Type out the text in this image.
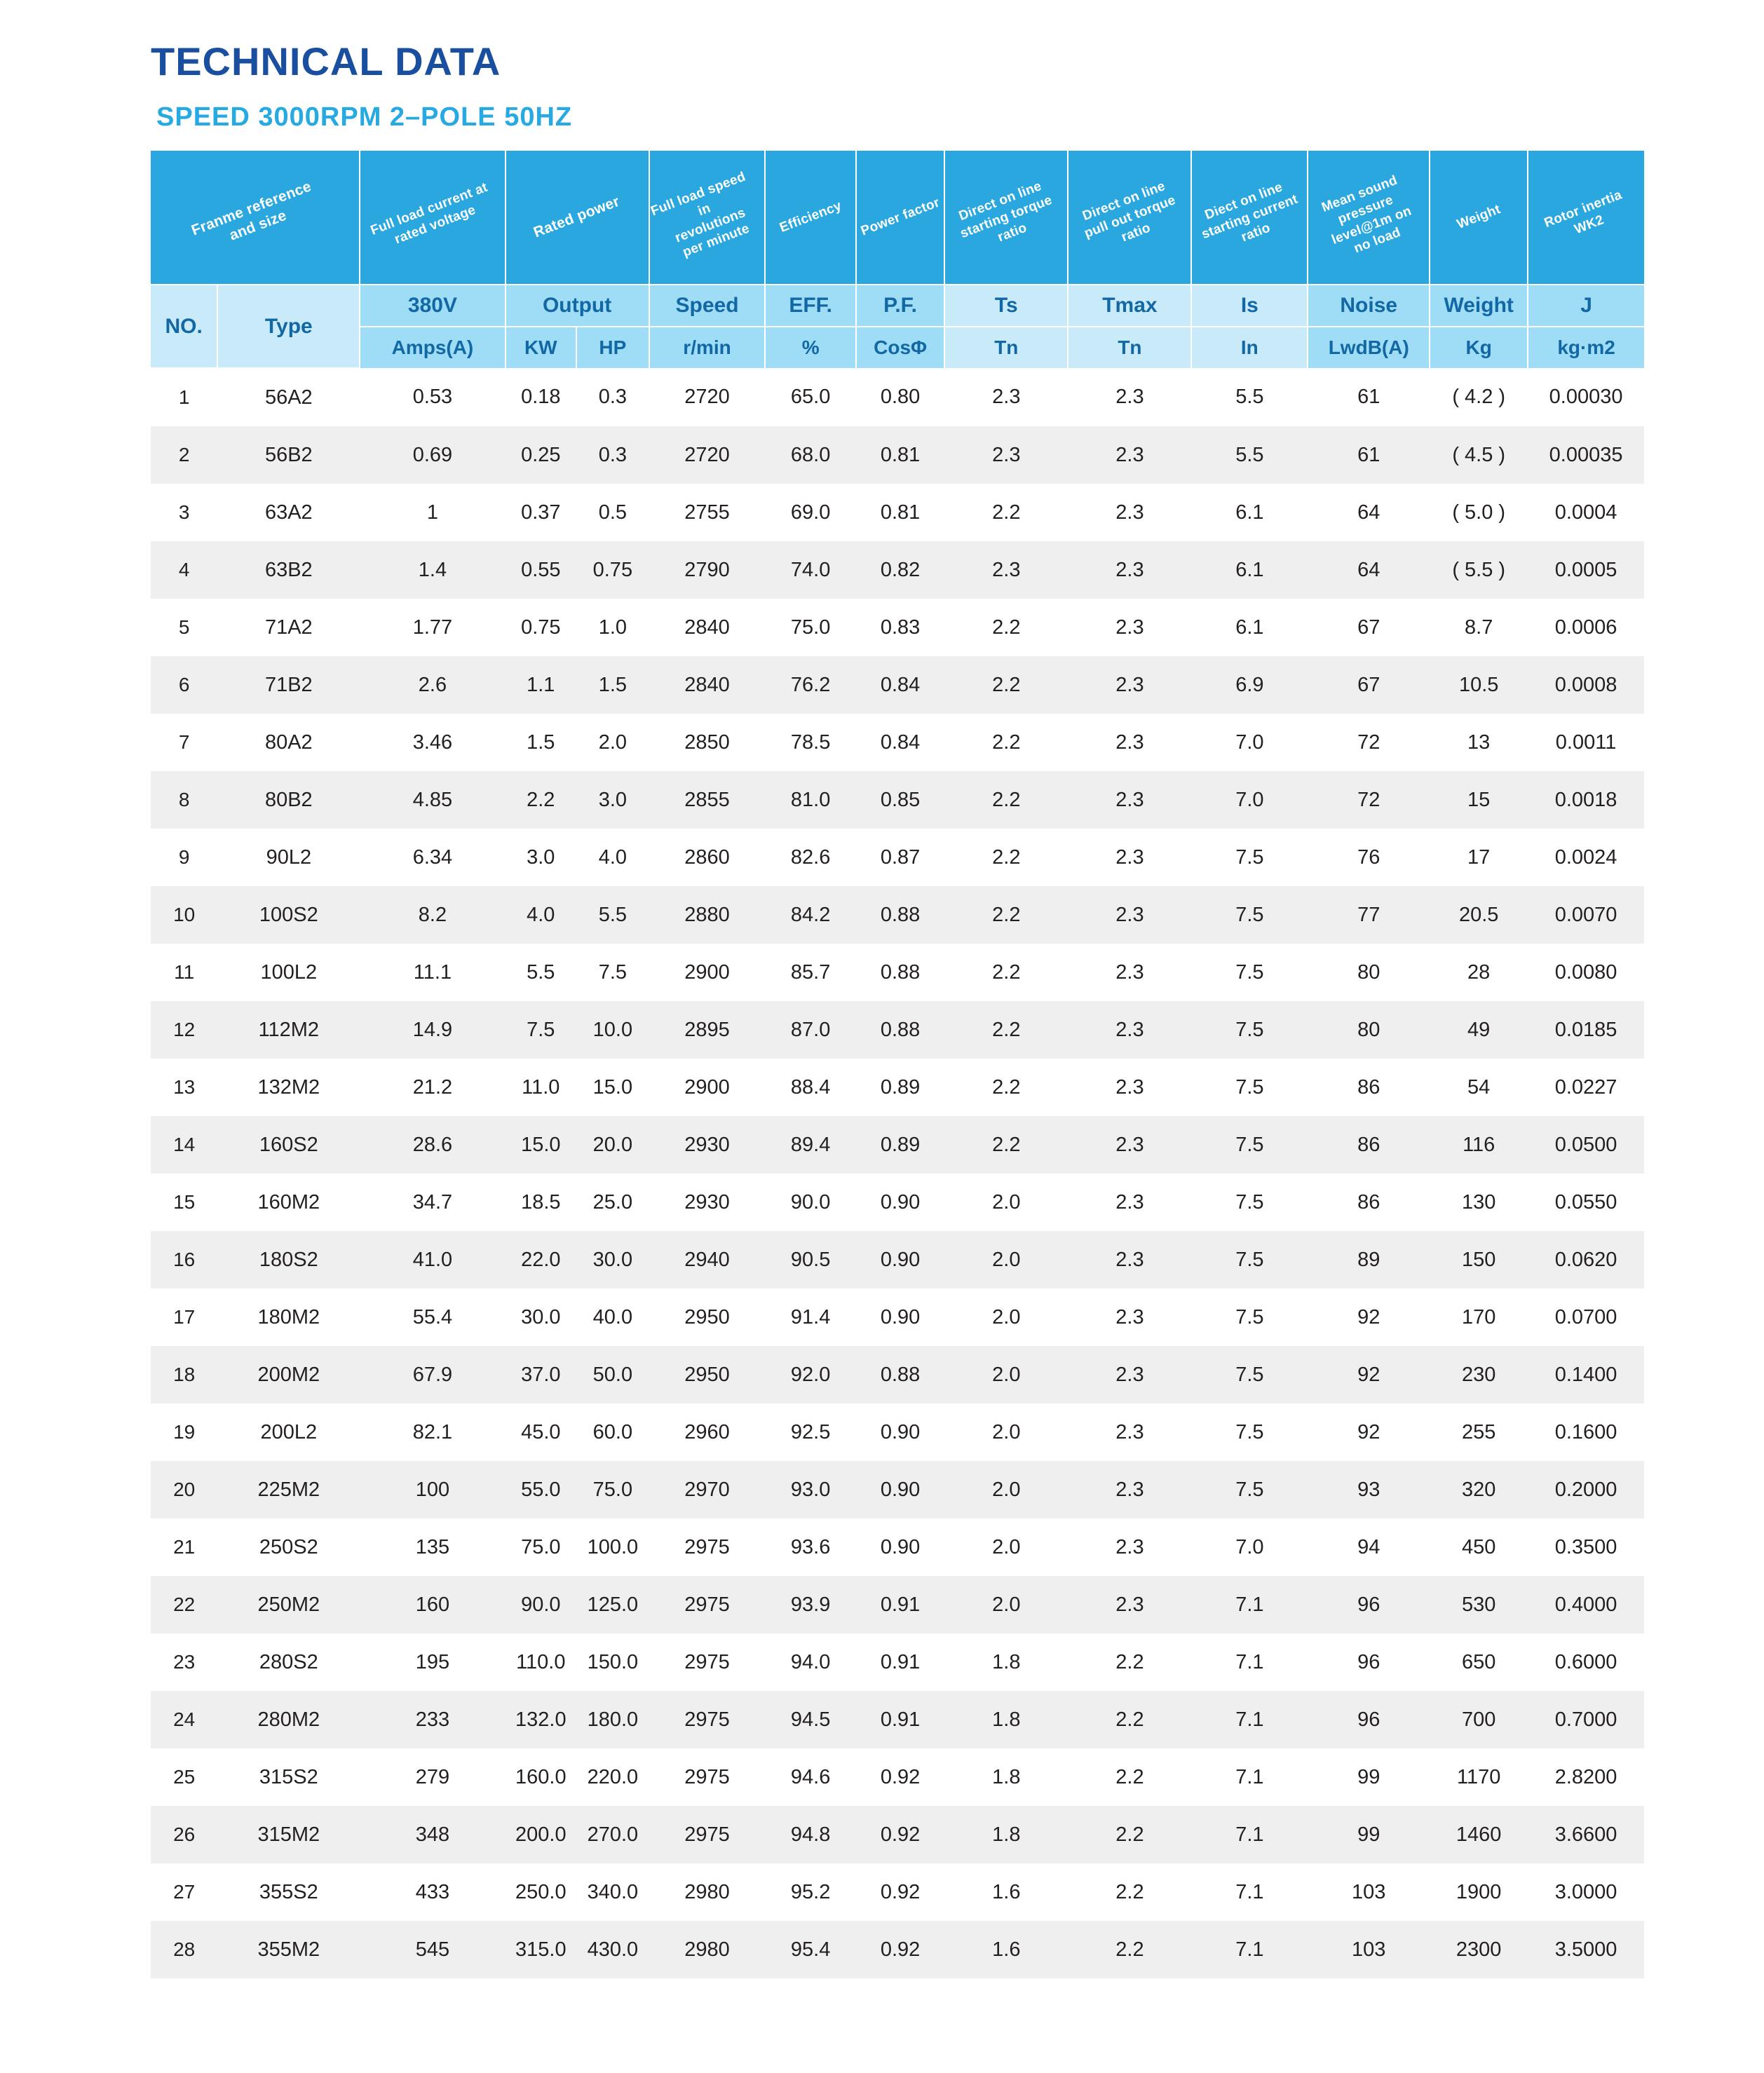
TECHNICAL DATA
SPEED 3000RPM 2–POLE 50HZ
Franme reference
and size		Full load current at
rated voltage	Rated power		Full load speed in
revolutions
per minute	Efficiency	Power factor	Direct on line
starting torque
ratio	Direct on line
pull out torque
ratio	Diect on line
starting current
ratio	Mean sound
pressure
level@1m on
no load	Weight	Rotor inertia WK2
NO.	Type	380V	Output		Speed	EFF.	P.F.	Ts	Tmax	Is	Noise	Weight	J
		Amps(A)	KW	HP	r/min	%	CosΦ	Tn	Tn	In	LwdB(A)	Kg	kg·m2
1	56A2	0.53	0.18	0.3	2720	65.0	0.80	2.3	2.3	5.5	61	( 4.2 )	0.00030
2	56B2	0.69	0.25	0.3	2720	68.0	0.81	2.3	2.3	5.5	61	( 4.5 )	0.00035
3	63A2	1	0.37	0.5	2755	69.0	0.81	2.2	2.3	6.1	64	( 5.0 )	0.0004
4	63B2	1.4	0.55	0.75	2790	74.0	0.82	2.3	2.3	6.1	64	( 5.5 )	0.0005
5	71A2	1.77	0.75	1.0	2840	75.0	0.83	2.2	2.3	6.1	67	8.7	0.0006
6	71B2	2.6	1.1	1.5	2840	76.2	0.84	2.2	2.3	6.9	67	10.5	0.0008
7	80A2	3.46	1.5	2.0	2850	78.5	0.84	2.2	2.3	7.0	72	13	0.0011
8	80B2	4.85	2.2	3.0	2855	81.0	0.85	2.2	2.3	7.0	72	15	0.0018
9	90L2	6.34	3.0	4.0	2860	82.6	0.87	2.2	2.3	7.5	76	17	0.0024
10	100S2	8.2	4.0	5.5	2880	84.2	0.88	2.2	2.3	7.5	77	20.5	0.0070
11	100L2	11.1	5.5	7.5	2900	85.7	0.88	2.2	2.3	7.5	80	28	0.0080
12	112M2	14.9	7.5	10.0	2895	87.0	0.88	2.2	2.3	7.5	80	49	0.0185
13	132M2	21.2	11.0	15.0	2900	88.4	0.89	2.2	2.3	7.5	86	54	0.0227
14	160S2	28.6	15.0	20.0	2930	89.4	0.89	2.2	2.3	7.5	86	116	0.0500
15	160M2	34.7	18.5	25.0	2930	90.0	0.90	2.0	2.3	7.5	86	130	0.0550
16	180S2	41.0	22.0	30.0	2940	90.5	0.90	2.0	2.3	7.5	89	150	0.0620
17	180M2	55.4	30.0	40.0	2950	91.4	0.90	2.0	2.3	7.5	92	170	0.0700
18	200M2	67.9	37.0	50.0	2950	92.0	0.88	2.0	2.3	7.5	92	230	0.1400
19	200L2	82.1	45.0	60.0	2960	92.5	0.90	2.0	2.3	7.5	92	255	0.1600
20	225M2	100	55.0	75.0	2970	93.0	0.90	2.0	2.3	7.5	93	320	0.2000
21	250S2	135	75.0	100.0	2975	93.6	0.90	2.0	2.3	7.0	94	450	0.3500
22	250M2	160	90.0	125.0	2975	93.9	0.91	2.0	2.3	7.1	96	530	0.4000
23	280S2	195	110.0	150.0	2975	94.0	0.91	1.8	2.2	7.1	96	650	0.6000
24	280M2	233	132.0	180.0	2975	94.5	0.91	1.8	2.2	7.1	96	700	0.7000
25	315S2	279	160.0	220.0	2975	94.6	0.92	1.8	2.2	7.1	99	1170	2.8200
26	315M2	348	200.0	270.0	2975	94.8	0.92	1.8	2.2	7.1	99	1460	3.6600
27	355S2	433	250.0	340.0	2980	95.2	0.92	1.6	2.2	7.1	103	1900	3.0000
28	355M2	545	315.0	430.0	2980	95.4	0.92	1.6	2.2	7.1	103	2300	3.5000
